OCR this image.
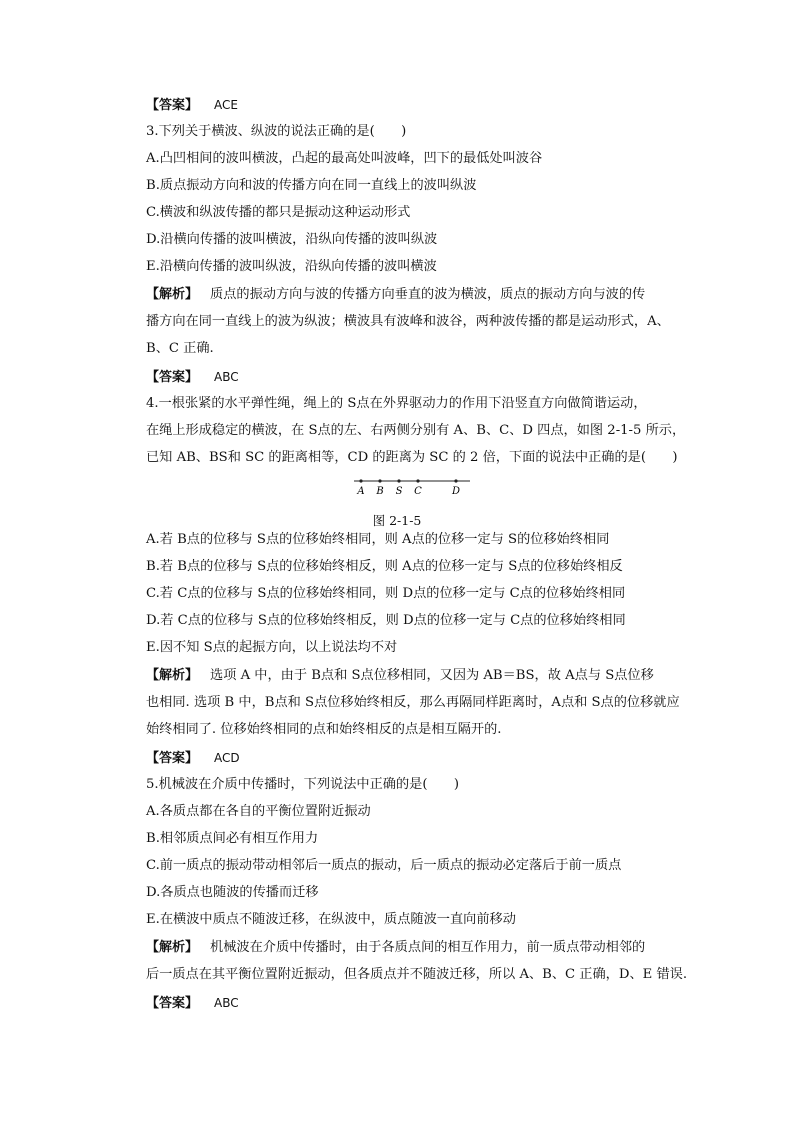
【答案】 ACE
3.下列关于横波、纵波的说法正确的是(　　)
A.凸凹相间的波叫横波，凸起的最高处叫波峰，凹下的最低处叫波谷
B.质点振动方向和波的传播方向在同一直线上的波叫纵波
C.横波和纵波传播的都只是振动这种运动形式
D.沿横向传播的波叫横波，沿纵向传播的波叫纵波
E.沿横向传播的波叫纵波，沿纵向传播的波叫横波
【解析】 质点的振动方向与波的传播方向垂直的波为横波，质点的振动方向与波的传
播方向在同一直线上的波为纵波；横波具有波峰和波谷，两种波传播的都是运动形式，A、
B、C 正确.
【答案】 ABC
4.一根张紧的水平弹性绳，绳上的 S点在外界驱动力的作用下沿竖直方向做简谐运动，
在绳上形成稳定的横波，在 S点的左、右两侧分别有 A、B、C、D 四点，如图 2-1-5 所示，
已知 AB、BS和 SC 的距离相等，CD 的距离为 SC 的 2 倍，下面的说法中正确的是(　　)
A B S C	D
图 2-1-5
A.若 B点的位移与 S点的位移始终相同，则 A点的位移一定与 S的位移始终相同
B.若 B点的位移与 S点的位移始终相反，则 A点的位移一定与 S点的位移始终相反
C.若 C点的位移与 S点的位移始终相同，则 D点的位移一定与 C点的位移始终相同
D.若 C点的位移与 S点的位移始终相反，则 D点的位移一定与 C点的位移始终相同
E.因不知 S点的起振方向，以上说法均不对
【解析】 选项 A 中，由于 B点和 S点位移相同，又因为 AB＝BS，故 A点与 S点位移
也相同. 选项 B 中，B点和 S点位移始终相反，那么再隔同样距离时，A点和 S点的位移就应
始终相同了. 位移始终相同的点和始终相反的点是相互隔开的.
【答案】 ACD
5.机械波在介质中传播时，下列说法中正确的是(　　)
A.各质点都在各自的平衡位置附近振动
B.相邻质点间必有相互作用力
C.前一质点的振动带动相邻后一质点的振动，后一质点的振动必定落后于前一质点
D.各质点也随波的传播而迁移
E.在横波中质点不随波迁移，在纵波中，质点随波一直向前移动
【解析】 机械波在介质中传播时，由于各质点间的相互作用力，前一质点带动相邻的
后一质点在其平衡位置附近振动，但各质点并不随波迁移，所以 A、B、C 正确，D、E 错误.
【答案】 ABC
